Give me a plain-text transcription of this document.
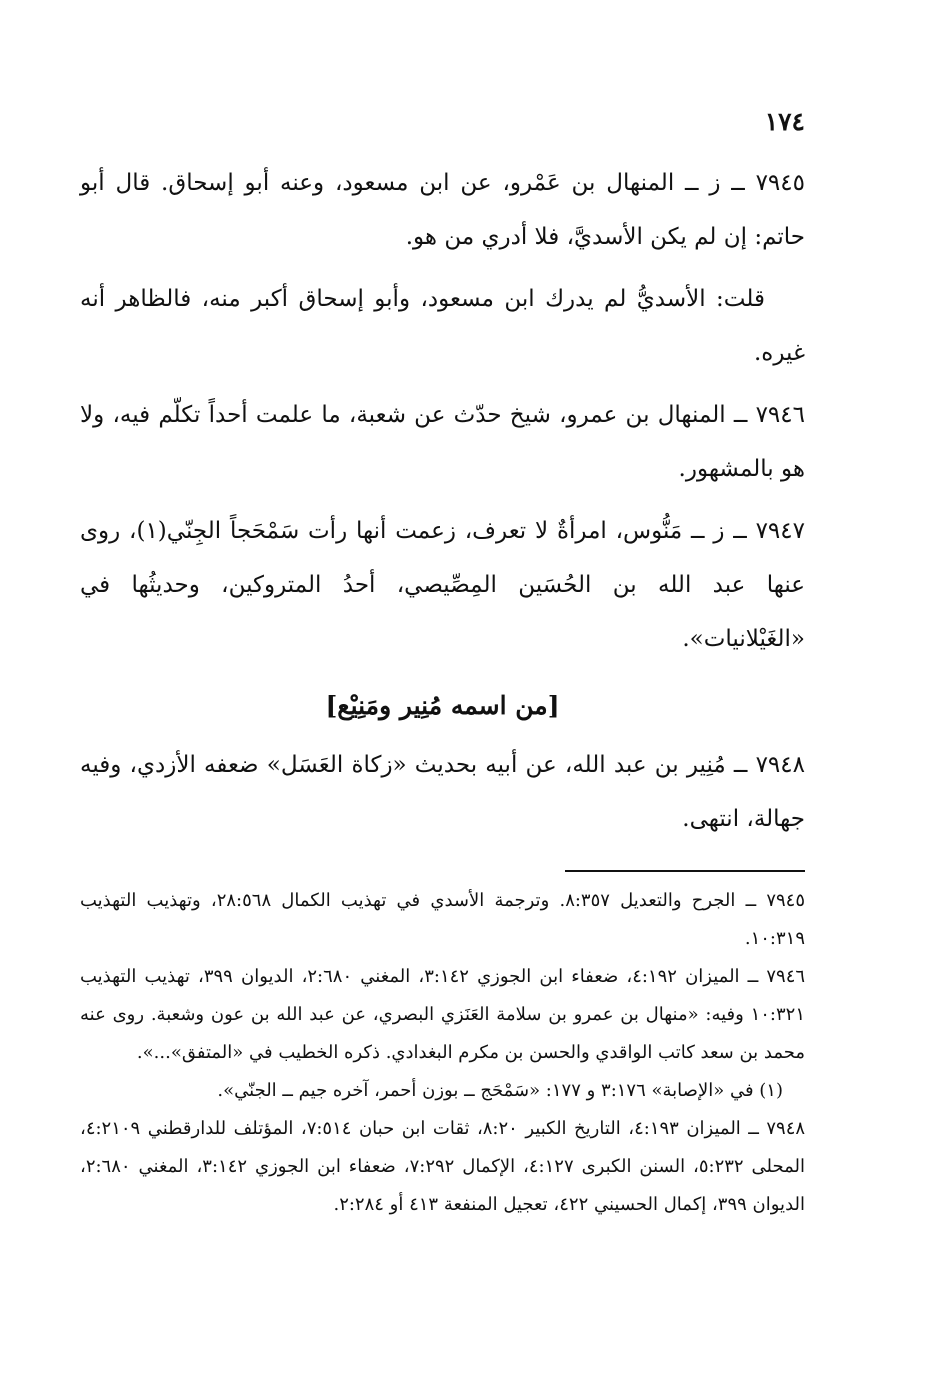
١٧٤

٧٩٤٥ ــ ز ــ المنهال بن عَمْرو، عن ابن مسعود، وعنه أبو إسحاق. قال أبو حاتم: إن لم يكن الأسديَّ، فلا أدري من هو.

قلت: الأسديُّ لم يدرك ابن مسعود، وأبو إسحاق أكبر منه، فالظاهر أنه غيره.

٧٩٤٦ ــ المنهال بن عمرو، شيخ حدّث عن شعبة، ما علمت أحداً تكلّم فيه، ولا هو بالمشهور.

٧٩٤٧ ــ ز ــ مَنُّوس، امرأةٌ لا تعرف، زعمت أنها رأت سَمْحَجاً الجِنّي(١)، روى عنها عبد الله بن الحُسَين المِصِّيصي، أحدُ المتروكين، وحديثُها في «الغَيْلانيات».

[من اسمه مُنِير ومَنِيْع]

٧٩٤٨ ــ مُنِير بن عبد الله، عن أبيه بحديث «زكاة العَسَل» ضعفه الأزدي، وفيه جهالة، انتهى.

٧٩٤٥ ــ الجرح والتعديل ٨:٣٥٧. وترجمة الأسدي في تهذيب الكمال ٢٨:٥٦٨، وتهذيب التهذيب ١٠:٣١٩.

٧٩٤٦ ــ الميزان ٤:١٩٢، ضعفاء ابن الجوزي ٣:١٤٢، المغني ٢:٦٨٠، الديوان ٣٩٩، تهذيب التهذيب ١٠:٣٢١ وفيه: «منهال بن عمرو بن سلامة العَنَزي البصري، عن عبد الله بن عون وشعبة. روى عنه محمد بن سعد كاتب الواقدي والحسن بن مكرم البغدادي. ذكره الخطيب في «المتفق»...».

(١) في «الإصابة» ٣:١٧٦ و ١٧٧: «سَمْحَج ــ بوزن أحمر، آخره جيم ــ الجنّي».

٧٩٤٨ ــ الميزان ٤:١٩٣، التاريخ الكبير ٨:٢٠، ثقات ابن حبان ٧:٥١٤، المؤتلف للدارقطني ٤:٢١٠٩، المحلى ٥:٢٣٢، السنن الكبرى ٤:١٢٧، الإكمال ٧:٢٩٢، ضعفاء ابن الجوزي ٣:١٤٢، المغني ٢:٦٨٠، الديوان ٣٩٩، إكمال الحسيني ٤٢٢، تعجيل المنفعة ٤١٣ أو ٢:٢٨٤.
